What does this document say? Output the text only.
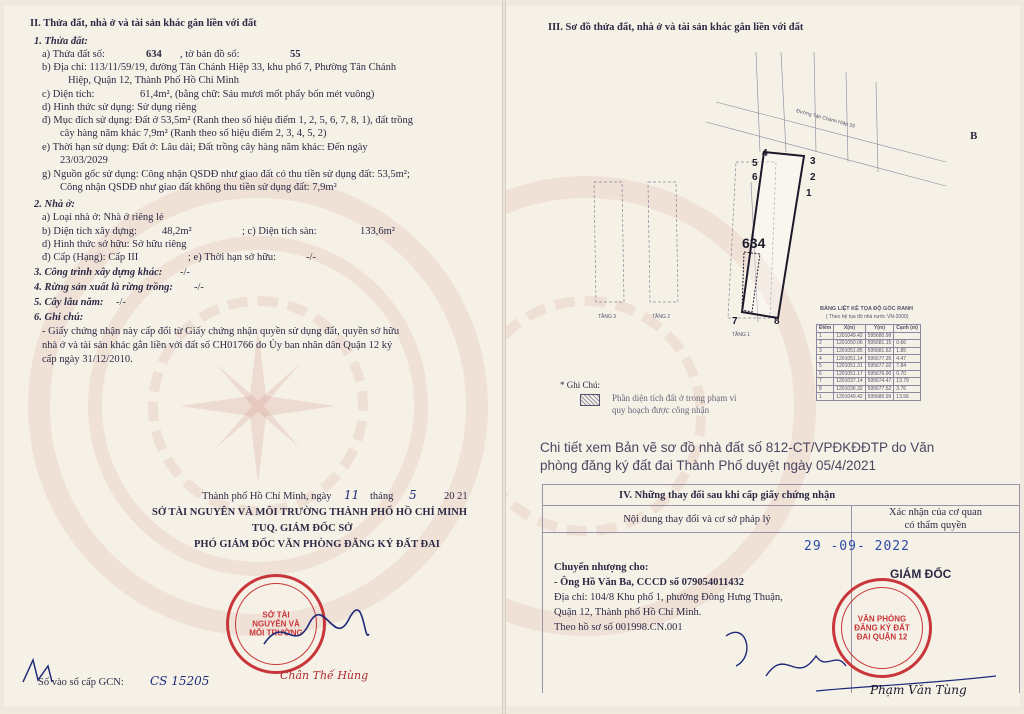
II. Thửa đất, nhà ở và tài sản khác gắn liền với đất
1. Thửa đất:
a) Thửa đất số:	634 , tờ bản đồ số:	55
b) Địa chỉ: 113/11/59/19, đường Tân Chánh Hiệp 33, khu phố 7, Phường Tân Chánh
Hiệp, Quận 12, Thành Phố Hồ Chí Minh
c) Diện tích:	61,4m², (bằng chữ: Sáu mươi mốt phẩy bốn mét vuông)
d) Hình thức sử dụng: Sử dụng riêng
đ) Mục đích sử dụng: Đất ở 53,5m² (Ranh theo số hiệu điểm 1, 2, 5, 6, 7, 8, 1), đất trồng
cây hàng năm khác 7,9m² (Ranh theo số hiệu điểm 2, 3, 4, 5, 2)
e) Thời hạn sử dụng: Đất ở: Lâu dài; Đất trồng cây hàng năm khác: Đến ngày
23/03/2029
g) Nguồn gốc sử dụng: Công nhận QSDĐ như giao đất có thu tiền sử dụng đất: 53,5m²;
Công nhận QSDĐ như giao đất không thu tiền sử dụng đất: 7,9m²
2. Nhà ở:
a) Loại nhà ở: Nhà ở riêng lẻ
b) Diện tích xây dựng: 48,2m²	; c) Diện tích sàn:	133,6m²
d) Hình thức sở hữu: Sở hữu riêng
đ) Cấp (Hạng): Cấp III	; e) Thời hạn sở hữu:	-/-
3. Công trình xây dựng khác: -/-
4. Rừng sản xuất là rừng trồng: -/-
5. Cây lâu năm: -/-
6. Ghi chú:
- Giấy chứng nhận này cấp đổi từ Giấy chứng nhận quyền sử dụng đất, quyền sở hữu
nhà ở và tài sản khác gắn liền với đất số CH01766 do Ủy ban nhân dân Quận 12 ký
cấp ngày 31/12/2010.
Thành phố Hồ Chí Minh, ngày 11 tháng 5	20 21
SỞ TÀI NGUYÊN VÀ MÔI TRƯỜNG THÀNH PHỐ HỒ CHÍ MINH
TUQ. GIÁM ĐỐC SỞ
PHÓ GIÁM ĐỐC VĂN PHÒNG ĐĂNG KÝ ĐẤT ĐAI
SỞ TÀI NGUYÊN VÀ MÔI TRƯỜNG
Chân Thế Hùng
Số vào sổ cấp GCN: CS 15205
III. Sơ đồ thửa đất, nhà ở và tài sản khác gắn liền với đất
B
634
5
4
6
3
2
1
7	8
TẦNG 3	TẦNG 2
TẦNG 1
Đường Tân Chánh Hiệp 33
BẢNG LIỆT KÊ TỌA ĐỘ GÓC RANH
( Theo hệ tọa độ nhà nước VN-2000)
Điểm	X(m)	Y(m)	Cạnh (m)
1	1201049.42	595680.99	
2	1201050.06	595681.15	0.66
3	1201051.85	595681.62	1.85
4	1201051.14	595677.35	4.47
5	1201051.31	595677.02	7.84
6	1201051.17	595676.90	0.70
7	1201037.14	595674.47	13.79
8	1201036.32	595677.52	3.76
1	1201049.42	595680.99	13.56
* Ghi Chú:
Phần diện tích đất ở trong phạm vi
quy hoạch được công nhận
Chi tiết xem Bản vẽ sơ đồ nhà đất số 812-CT/VPĐKĐĐTP do Văn
phòng đăng ký đất đai Thành Phố duyệt ngày 05/4/2021
IV. Những thay đổi sau khi cấp giấy chứng nhận	
Nội dung thay đổi và cơ sở pháp lý	Xác nhận của cơ quan
có thẩm quyền

29 -09- 2022
Chuyển nhượng cho:
- Ông Hồ Văn Ba, CCCD số 079054011432
Địa chỉ: 104/8 Khu phố 1, phường Đông Hưng Thuận,
Quận 12, Thành phố Hồ Chí Minh.
Theo hồ sơ số 001998.CN.001
GIÁM ĐỐC
VĂN PHÒNG ĐĂNG KÝ ĐẤT ĐAI QUẬN 12
Phạm Văn Tùng
